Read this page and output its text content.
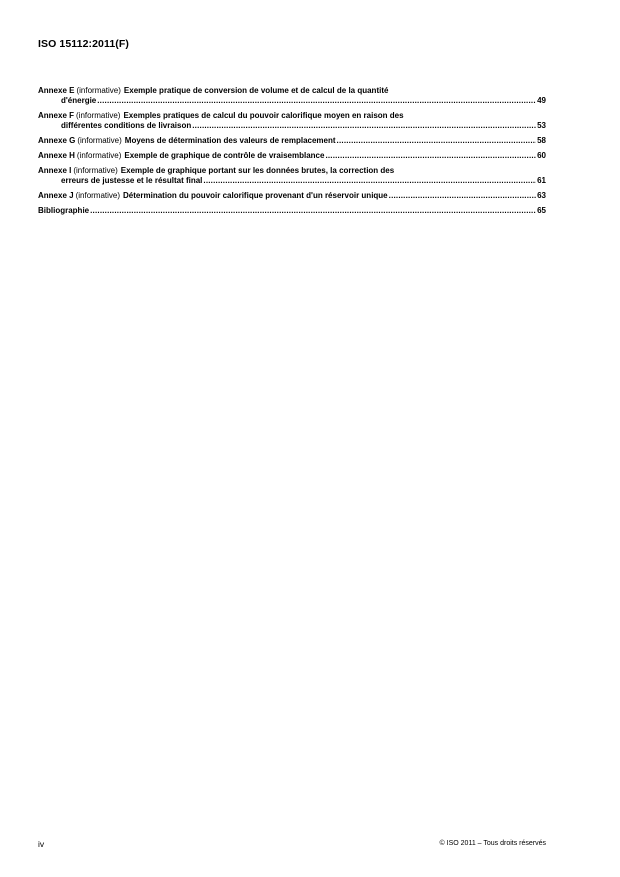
ISO 15112:2011(F)
Annexe E (informative) Exemple pratique de conversion de volume et de calcul de la quantité
d'énergie .....	49
Annexe F (informative) Exemples pratiques de calcul du pouvoir calorifique moyen en raison des
différentes conditions de livraison .....	53
Annexe G (informative) Moyens de détermination des valeurs de remplacement .....	58
Annexe H (informative) Exemple de graphique de contrôle de vraisemblance .....	60
Annexe I (informative) Exemple de graphique portant sur les données brutes, la correction des
erreurs de justesse et le résultat final .....	61
Annexe J (informative) Détermination du pouvoir calorifique provenant d'un réservoir unique .....	63
Bibliographie .....	65
iv	© ISO 2011 – Tous droits réservés
